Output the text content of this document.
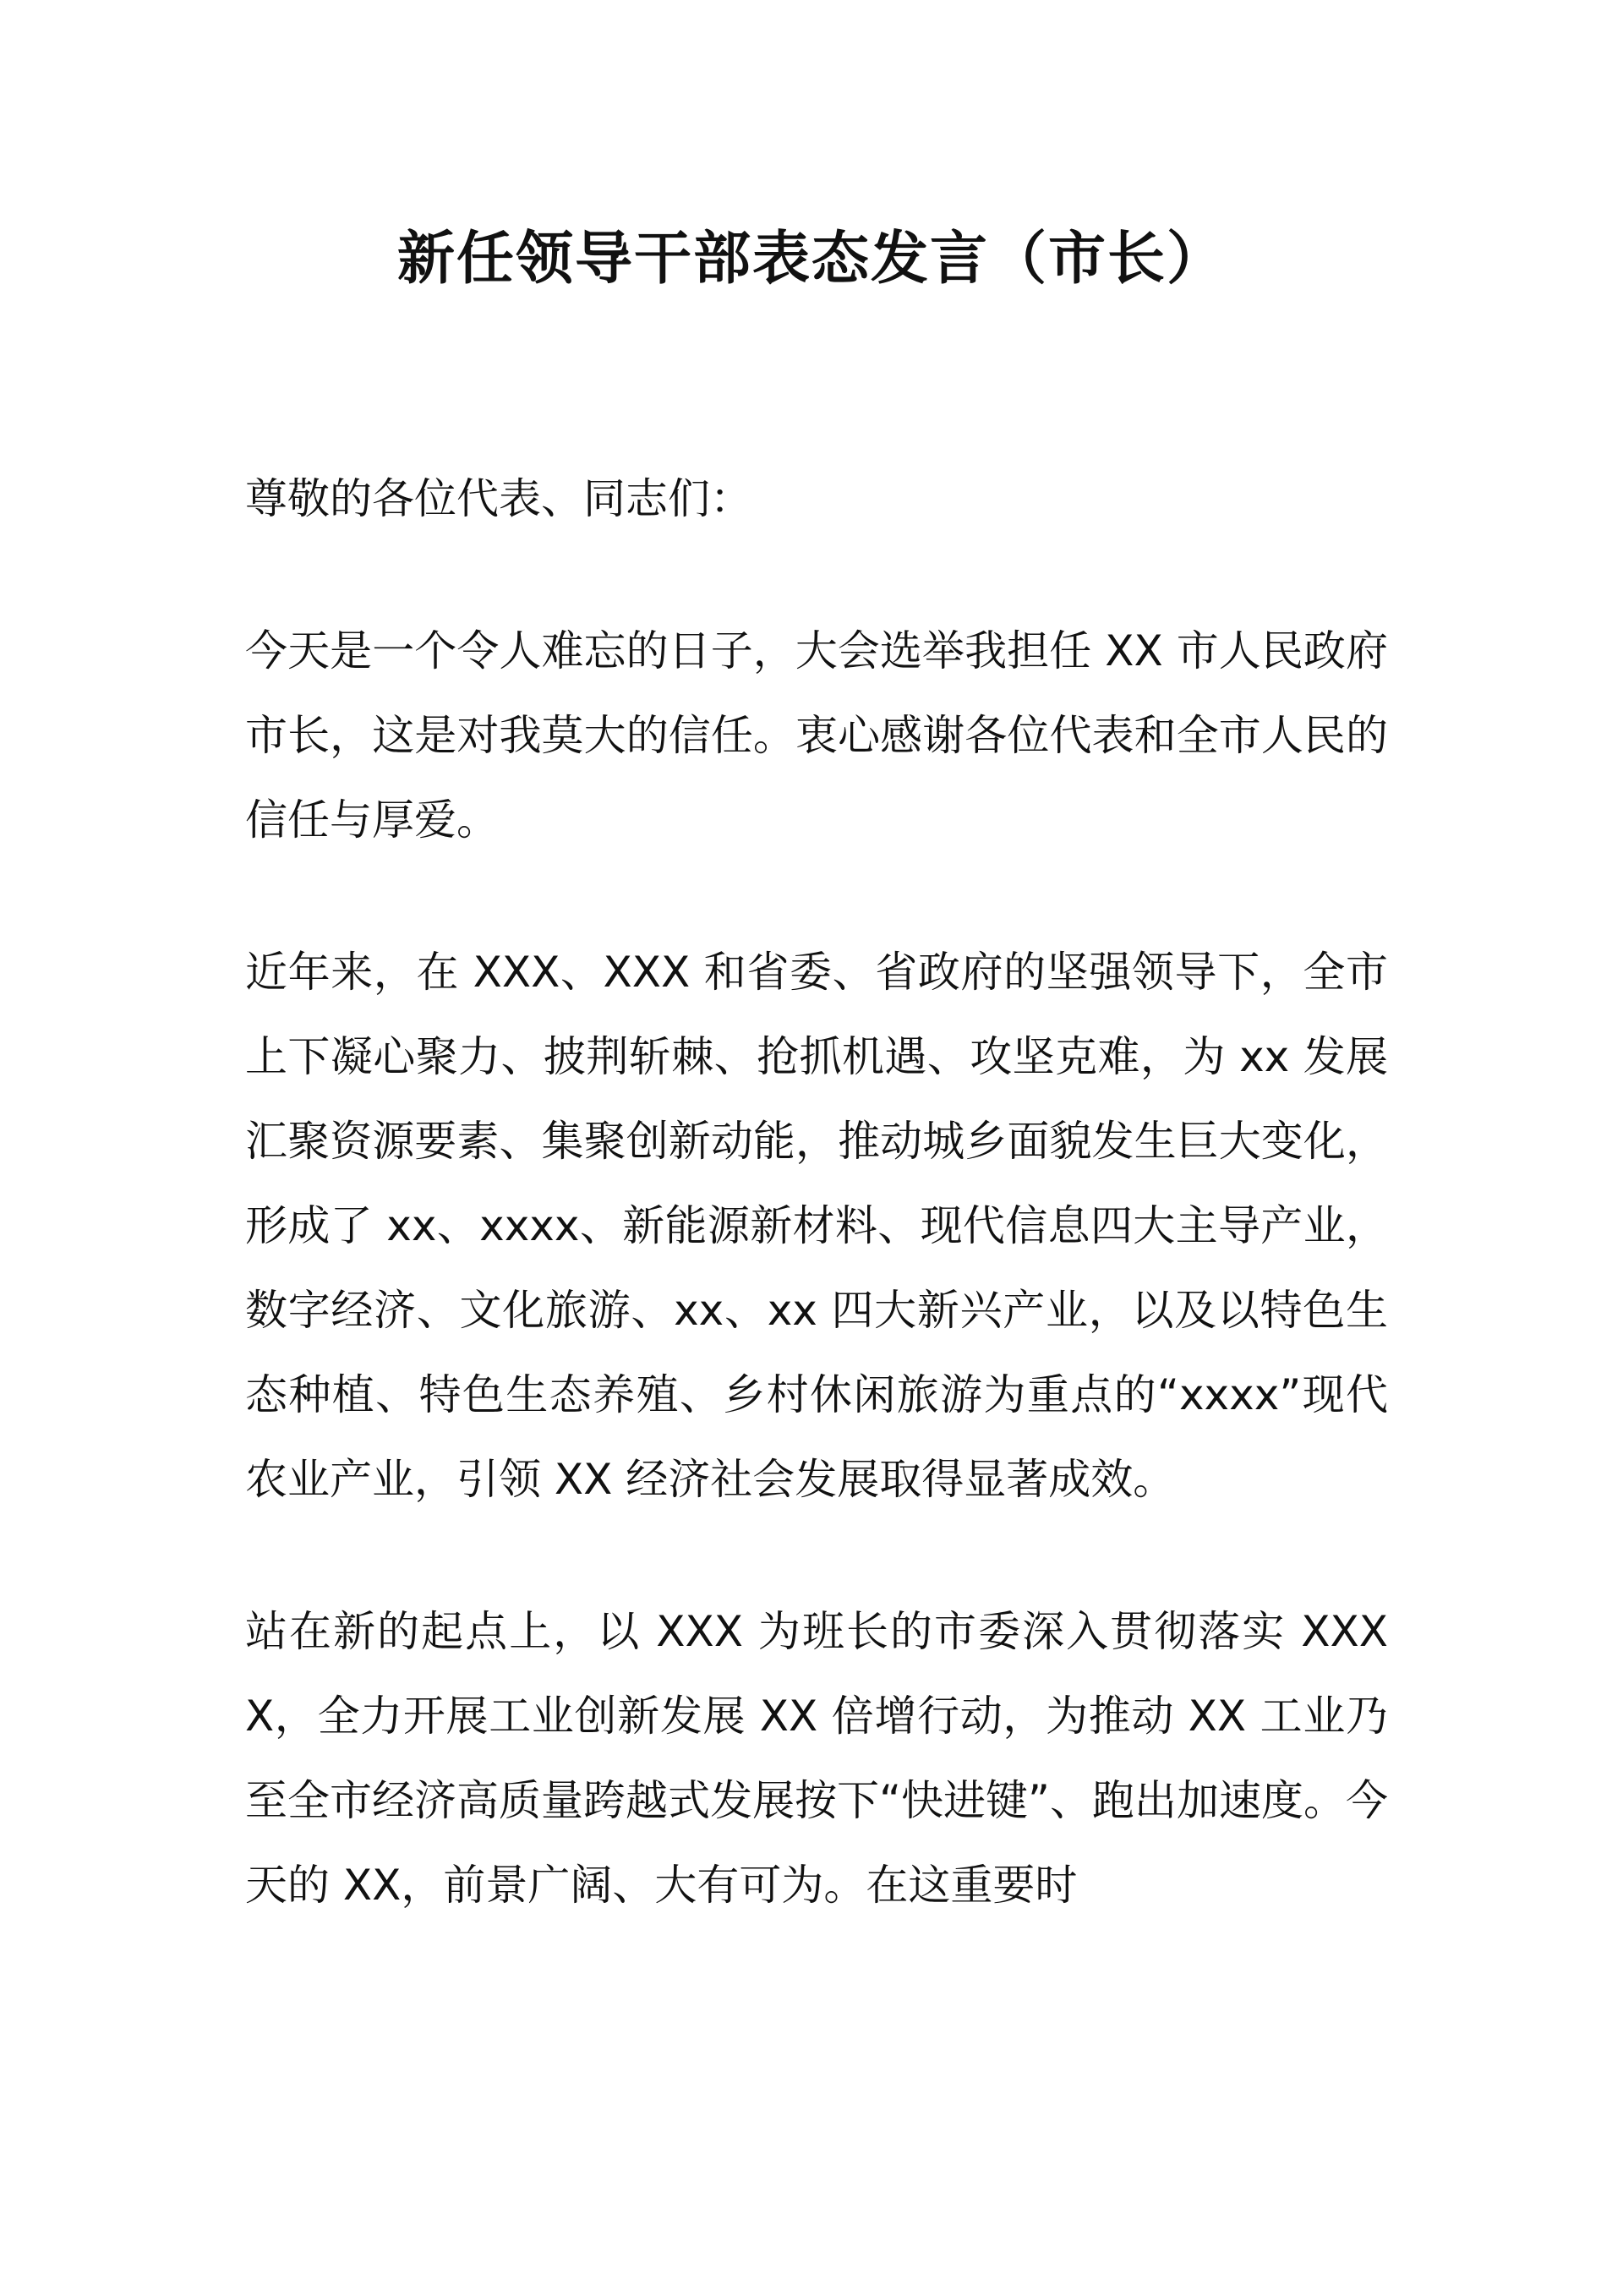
新任领导干部表态发言（市长）

尊敬的各位代表、同志们：

今天是一个令人难忘的日子，大会选举我担任 XX 市人民政府市长，这是对我莫大的信任。衷心感谢各位代表和全市人民的信任与厚爱。

近年来，在 XXX、XXX 和省委、省政府的坚强领导下，全市上下凝心聚力、披荆斩棘、抢抓机遇、攻坚克难，为 xx 发展汇聚资源要素、集聚创新动能，推动城乡面貌发生巨大变化，形成了 xx、xxxx、新能源新材料、现代信息四大主导产业，数字经济、文化旅游、xx、xx 四大新兴产业，以及以特色生态种植、特色生态养殖、乡村休闲旅游为重点的“xxxx”现代农业产业，引领 XX 经济社会发展取得显著成效。

站在新的起点上，以 XXX 为班长的市委深入贯彻落实 XXXX，全力开展工业创新发展 XX 倍增行动，为推动 XX 工业乃至全市经济高质量跨越式发展按下“快进键”、跑出加速度。今天的 XX，前景广阔、大有可为。在这重要时
